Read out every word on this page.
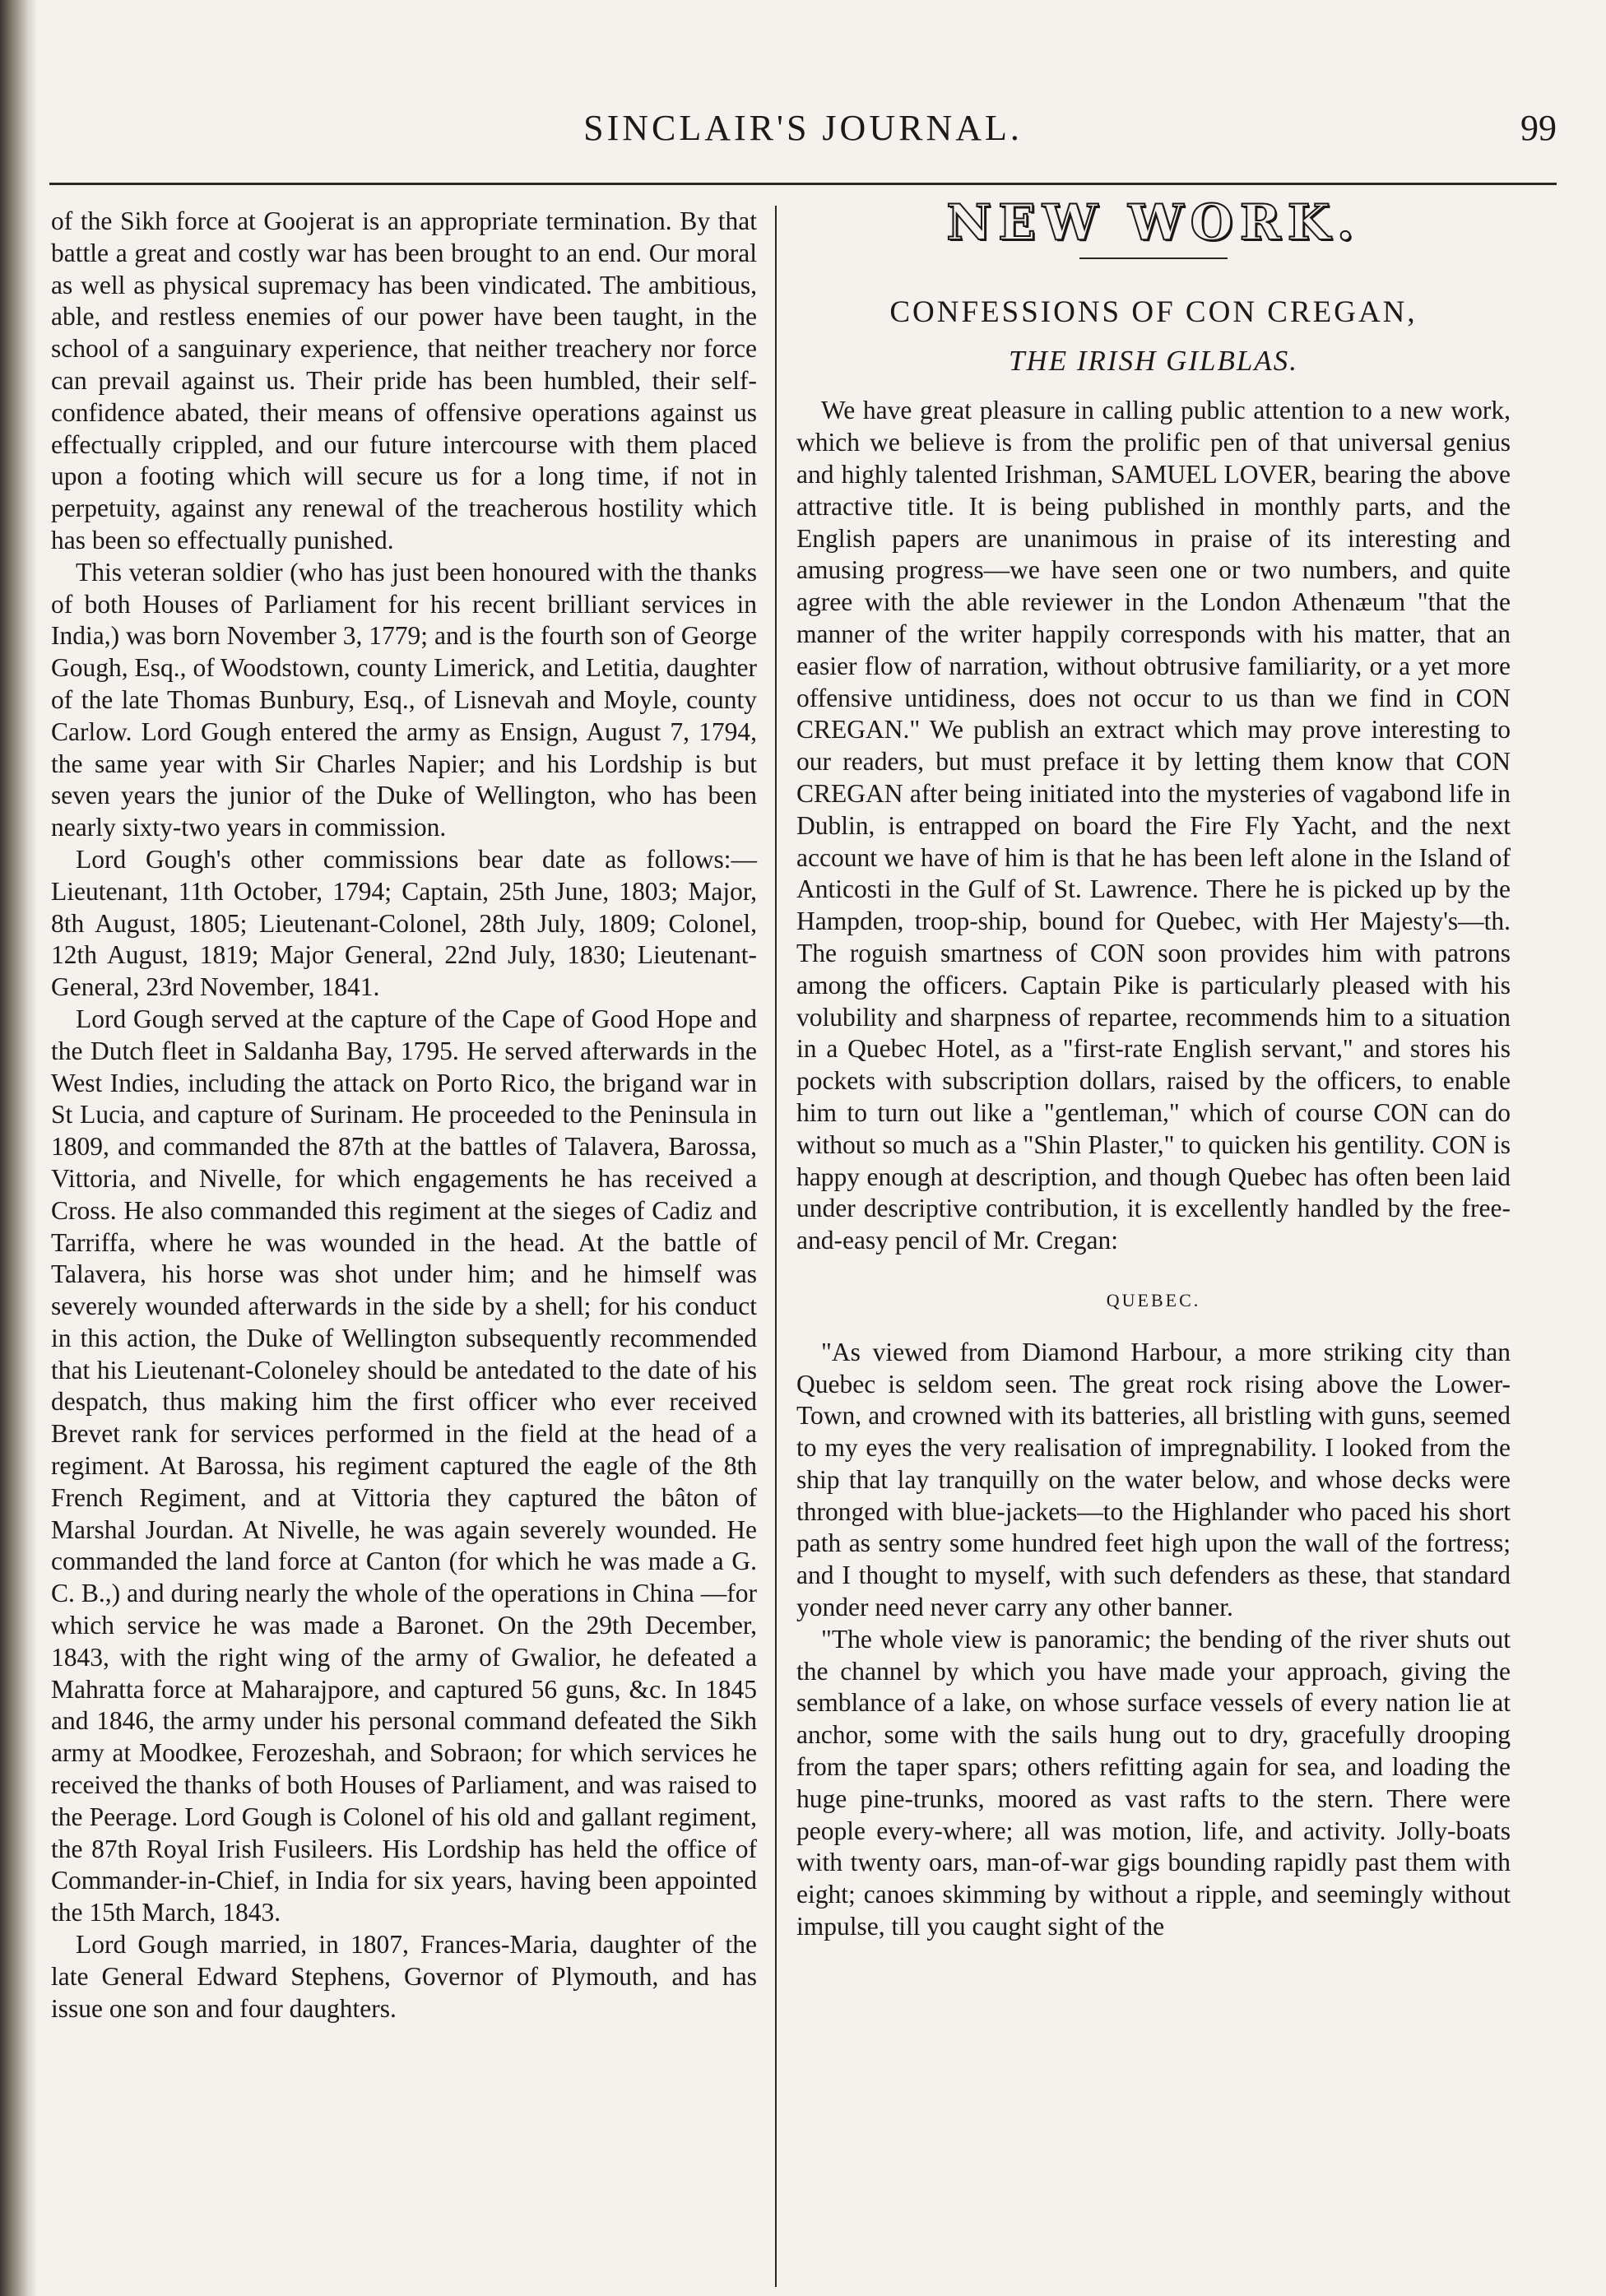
SINCLAIR'S JOURNAL.	99

of the Sikh force at Goojerat is an appropriate termination. By that battle a great and costly war has been brought to an end. Our moral as well as physical supremacy has been vindicated. The ambitious, able, and restless enemies of our power have been taught, in the school of a sanguinary experience, that neither treachery nor force can prevail against us. Their pride has been humbled, their self-confidence abated, their means of offensive operations against us effectually crippled, and our future intercourse with them placed upon a footing which will secure us for a long time, if not in perpetuity, against any renewal of the treacherous hostility which has been so effectually punished.

This veteran soldier (who has just been honoured with the thanks of both Houses of Parliament for his recent brilliant services in India,) was born November 3, 1779; and is the fourth son of George Gough, Esq., of Woodstown, county Limerick, and Letitia, daughter of the late Thomas Bunbury, Esq., of Lisnevah and Moyle, county Carlow. Lord Gough entered the army as Ensign, August 7, 1794, the same year with Sir Charles Napier; and his Lordship is but seven years the junior of the Duke of Wellington, who has been nearly sixty-two years in commission.

Lord Gough's other commissions bear date as follows:—Lieutenant, 11th October, 1794; Captain, 25th June, 1803; Major, 8th August, 1805; Lieutenant-Colonel, 28th July, 1809; Colonel, 12th August, 1819; Major General, 22nd July, 1830; Lieutenant-General, 23rd November, 1841.

Lord Gough served at the capture of the Cape of Good Hope and the Dutch fleet in Saldanha Bay, 1795. He served afterwards in the West Indies, including the attack on Porto Rico, the brigand war in St Lucia, and capture of Surinam. He proceeded to the Peninsula in 1809, and commanded the 87th at the battles of Talavera, Barossa, Vittoria, and Nivelle, for which engagements he has received a Cross. He also commanded this regiment at the sieges of Cadiz and Tarriffa, where he was wounded in the head. At the battle of Talavera, his horse was shot under him; and he himself was severely wounded afterwards in the side by a shell; for his conduct in this action, the Duke of Wellington subsequently recommended that his Lieutenant-Coloneley should be antedated to the date of his despatch, thus making him the first officer who ever received Brevet rank for services performed in the field at the head of a regiment. At Barossa, his regiment captured the eagle of the 8th French Regiment, and at Vittoria they captured the bâton of Marshal Jourdan. At Nivelle, he was again severely wounded. He commanded the land force at Canton (for which he was made a G. C. B.,) and during nearly the whole of the operations in China —for which service he was made a Baronet. On the 29th December, 1843, with the right wing of the army of Gwalior, he defeated a Mahratta force at Maharajpore, and captured 56 guns, &c. In 1845 and 1846, the army under his personal command defeated the Sikh army at Moodkee, Ferozeshah, and Sobraon; for which services he received the thanks of both Houses of Parliament, and was raised to the Peerage. Lord Gough is Colonel of his old and gallant regiment, the 87th Royal Irish Fusileers. His Lordship has held the office of Commander-in-Chief, in India for six years, having been appointed the 15th March, 1843.

Lord Gough married, in 1807, Frances-Maria, daughter of the late General Edward Stephens, Governor of Plymouth, and has issue one son and four daughters.

NEW WORK.
CONFESSIONS OF CON CREGAN,
THE IRISH GILBLAS.

We have great pleasure in calling public attention to a new work, which we believe is from the prolific pen of that universal genius and highly talented Irishman, SAMUEL LOVER, bearing the above attractive title. It is being published in monthly parts, and the English papers are unanimous in praise of its interesting and amusing progress—we have seen one or two numbers, and quite agree with the able reviewer in the London Athenæum "that the manner of the writer happily corresponds with his matter, that an easier flow of narration, without obtrusive familiarity, or a yet more offensive untidiness, does not occur to us than we find in CON CREGAN." We publish an extract which may prove interesting to our readers, but must preface it by letting them know that CON CREGAN after being initiated into the mysteries of vagabond life in Dublin, is entrapped on board the Fire Fly Yacht, and the next account we have of him is that he has been left alone in the Island of Anticosti in the Gulf of St. Lawrence. There he is picked up by the Hampden, troop-ship, bound for Quebec, with Her Majesty's—th. The roguish smartness of CON soon provides him with patrons among the officers. Captain Pike is particularly pleased with his volubility and sharpness of repartee, recommends him to a situation in a Quebec Hotel, as a "first-rate English servant," and stores his pockets with subscription dollars, raised by the officers, to enable him to turn out like a "gentleman," which of course CON can do without so much as a "Shin Plaster," to quicken his gentility. CON is happy enough at description, and though Quebec has often been laid under descriptive contribution, it is excellently handled by the free-and-easy pencil of Mr. Cregan:

QUEBEC.

"As viewed from Diamond Harbour, a more striking city than Quebec is seldom seen. The great rock rising above the Lower-Town, and crowned with its batteries, all bristling with guns, seemed to my eyes the very realisation of impregnability. I looked from the ship that lay tranquilly on the water below, and whose decks were thronged with blue-jackets—to the Highlander who paced his short path as sentry some hundred feet high upon the wall of the fortress; and I thought to myself, with such defenders as these, that standard yonder need never carry any other banner.

"The whole view is panoramic; the bending of the river shuts out the channel by which you have made your approach, giving the semblance of a lake, on whose surface vessels of every nation lie at anchor, some with the sails hung out to dry, gracefully drooping from the taper spars; others refitting again for sea, and loading the huge pine-trunks, moored as vast rafts to the stern. There were people every-where; all was motion, life, and activity. Jolly-boats with twenty oars, man-of-war gigs bounding rapidly past them with eight; canoes skimming by without a ripple, and seemingly without impulse, till you caught sight of the
